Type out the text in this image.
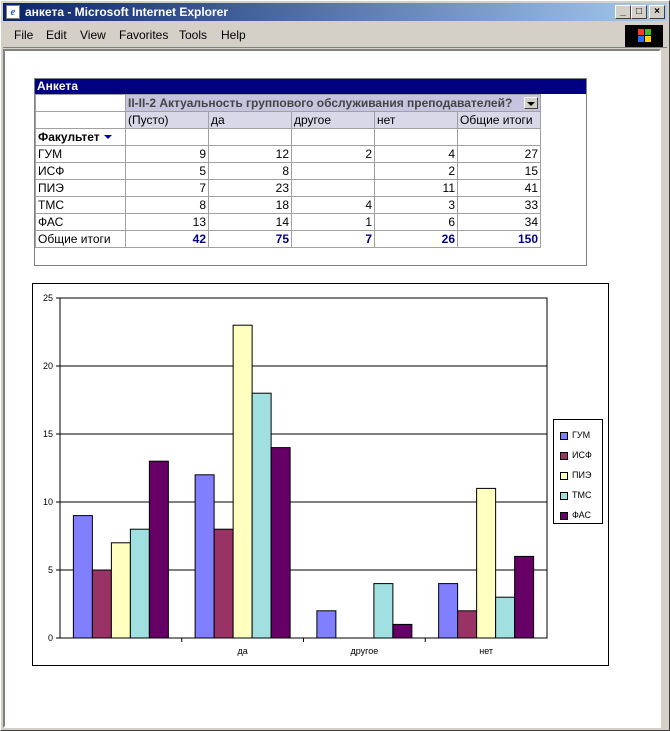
e анкета - Microsoft Internet Explorer	_	□	×
File Edit View Favorites Tools Help
Анкета
	II-II-2 Актуальность группового обслуживания преподавателей?				

	(Пусто)	да	другое	нет	Общие итоги
Факультет					
ГУМ	9	12	2	4	27
ИСФ	5	8		2	15
ПИЭ	7	23		11	41
ТМС	8	18	4	3	33
ФАС	13	14	1	6	34
Общие итоги	42	75	7	26	150
0
5
10
15
20
25
да	другое	нет
ГУМ
ИСФ
ПИЭ
ТМС
ФАС
